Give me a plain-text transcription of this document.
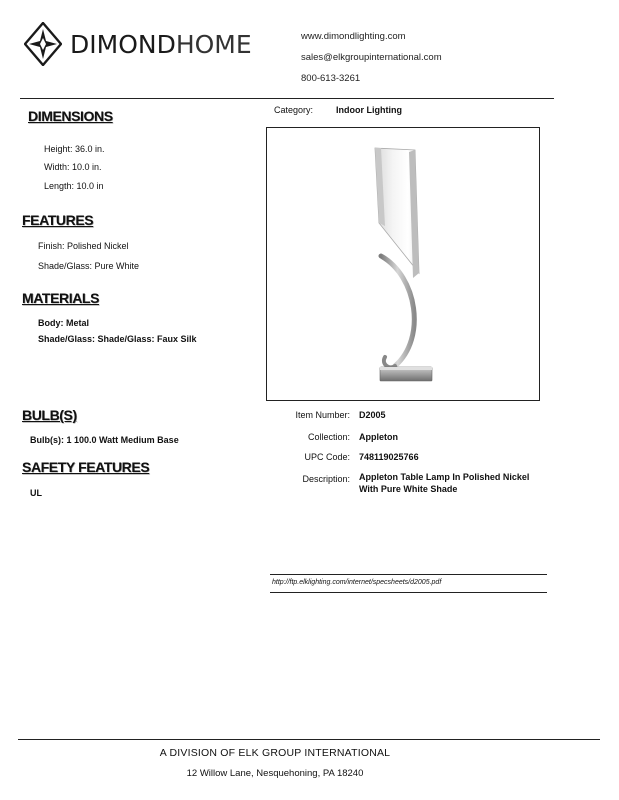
DIMONDHOME	www.dimondlighting.com
sales@elkgroupinternational.com
800-613-3261
DIMENSIONS
Height: 36.0 in.
Width: 10.0 in.
Length: 10.0 in
FEATURES
Finish: Polished Nickel
Shade/Glass: Pure White
MATERIALS
Body: Metal
Shade/Glass: Shade/Glass: Faux Silk
BULB(S)
Bulb(s): 1 100.0 Watt Medium Base
SAFETY FEATURES
UL
Category:	Indoor Lighting
Item Number: D2005
Collection: Appleton
UPC Code: 748119025766
Description: Appleton Table Lamp In Polished Nickel With Pure White Shade
http://ftp.elklighting.com/internet/specsheets/d2005.pdf
A DIVISION OF ELK GROUP INTERNATIONAL
12 Willow Lane, Nesquehoning, PA 18240
